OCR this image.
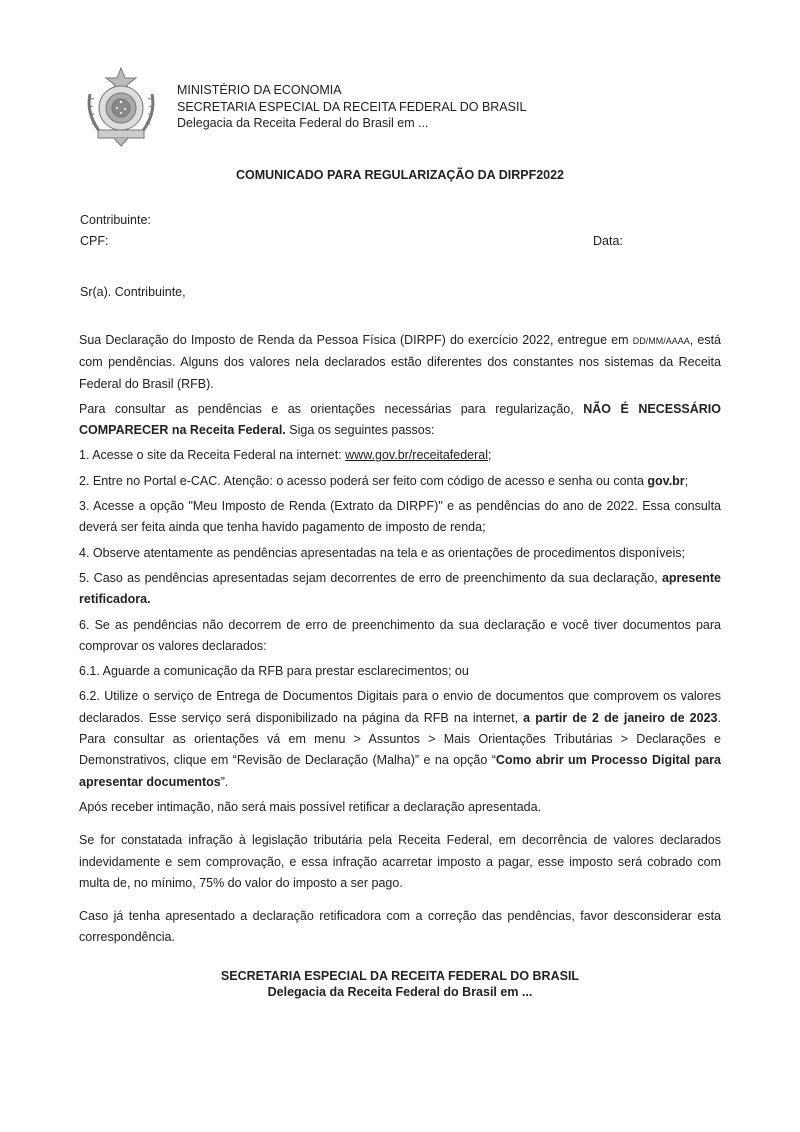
MINISTÉRIO DA ECONOMIA
SECRETARIA ESPECIAL DA RECEITA FEDERAL DO BRASIL
Delegacia da Receita Federal do Brasil em ...
COMUNICADO PARA REGULARIZAÇÃO DA DIRPF2022
Contribuinte:
CPF:	Data:
Sr(a). Contribuinte,

Sua Declaração do Imposto de Renda da Pessoa Física (DIRPF) do exercício 2022, entregue em DD/MM/AAAA, está com pendências. Alguns dos valores nela declarados estão diferentes dos constantes nos sistemas da Receita Federal do Brasil (RFB).

Para consultar as pendências e as orientações necessárias para regularização, NÃO É NECESSÁRIO COMPARECER na Receita Federal. Siga os seguintes passos:

1. Acesse o site da Receita Federal na internet: www.gov.br/receitafederal;

2. Entre no Portal e-CAC. Atenção: o acesso poderá ser feito com código de acesso e senha ou conta gov.br;

3. Acesse a opção "Meu Imposto de Renda (Extrato da DIRPF)" e as pendências do ano de 2022. Essa consulta deverá ser feita ainda que tenha havido pagamento de imposto de renda;

4. Observe atentamente as pendências apresentadas na tela e as orientações de procedimentos disponíveis;

5. Caso as pendências apresentadas sejam decorrentes de erro de preenchimento da sua declaração, apresente retificadora.

6. Se as pendências não decorrem de erro de preenchimento da sua declaração e você tiver documentos para comprovar os valores declarados:

6.1. Aguarde a comunicação da RFB para prestar esclarecimentos; ou

6.2. Utilize o serviço de Entrega de Documentos Digitais para o envio de documentos que comprovem os valores declarados. Esse serviço será disponibilizado na página da RFB na internet, a partir de 2 de janeiro de 2023. Para consultar as orientações vá em menu > Assuntos > Mais Orientações Tributárias > Declarações e Demonstrativos, clique em “Revisão de Declaração (Malha)” e na opção “Como abrir um Processo Digital para apresentar documentos”.

Após receber intimação, não será mais possível retificar a declaração apresentada.

Se for constatada infração à legislação tributária pela Receita Federal, em decorrência de valores declarados indevidamente e sem comprovação, e essa infração acarretar imposto a pagar, esse imposto será cobrado com multa de, no mínimo, 75% do valor do imposto a ser pago.

Caso já tenha apresentado a declaração retificadora com a correção das pendências, favor desconsiderar esta correspondência.

SECRETARIA ESPECIAL DA RECEITA FEDERAL DO BRASIL
Delegacia da Receita Federal do Brasil em ...
